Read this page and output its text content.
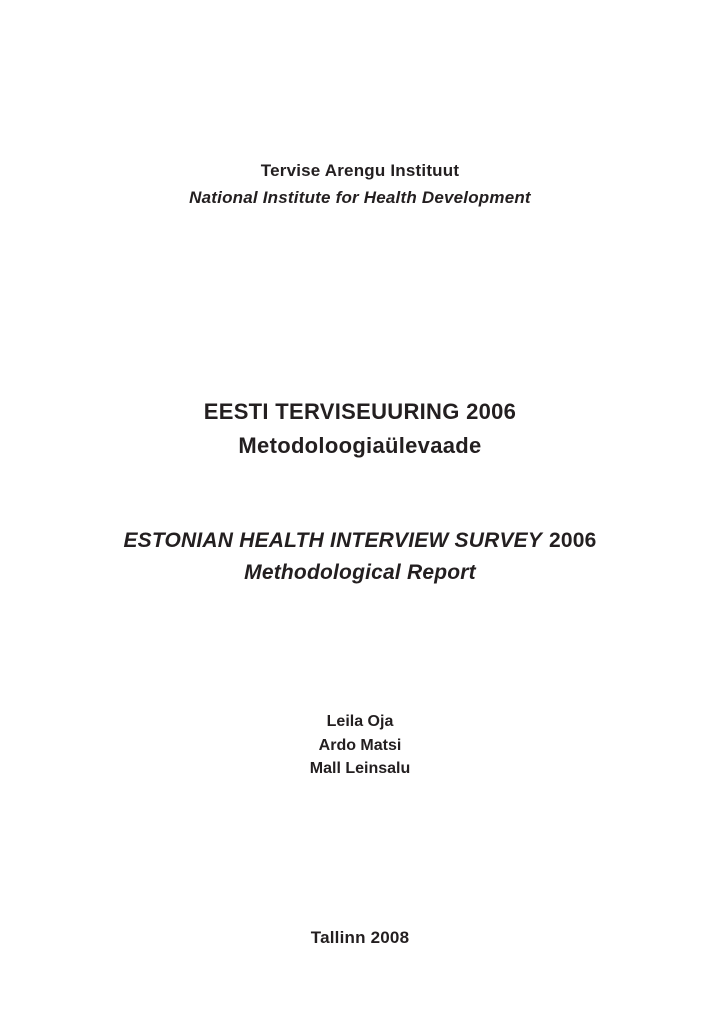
Tervise Arengu Instituut
National Institute for Health Development
EESTI TERVISEUURING 2006
Metodoloogiaülevaade
ESTONIAN HEALTH INTERVIEW SURVEY 2006
Methodological Report
Leila Oja
Ardo Matsi
Mall Leinsalu
Tallinn 2008
